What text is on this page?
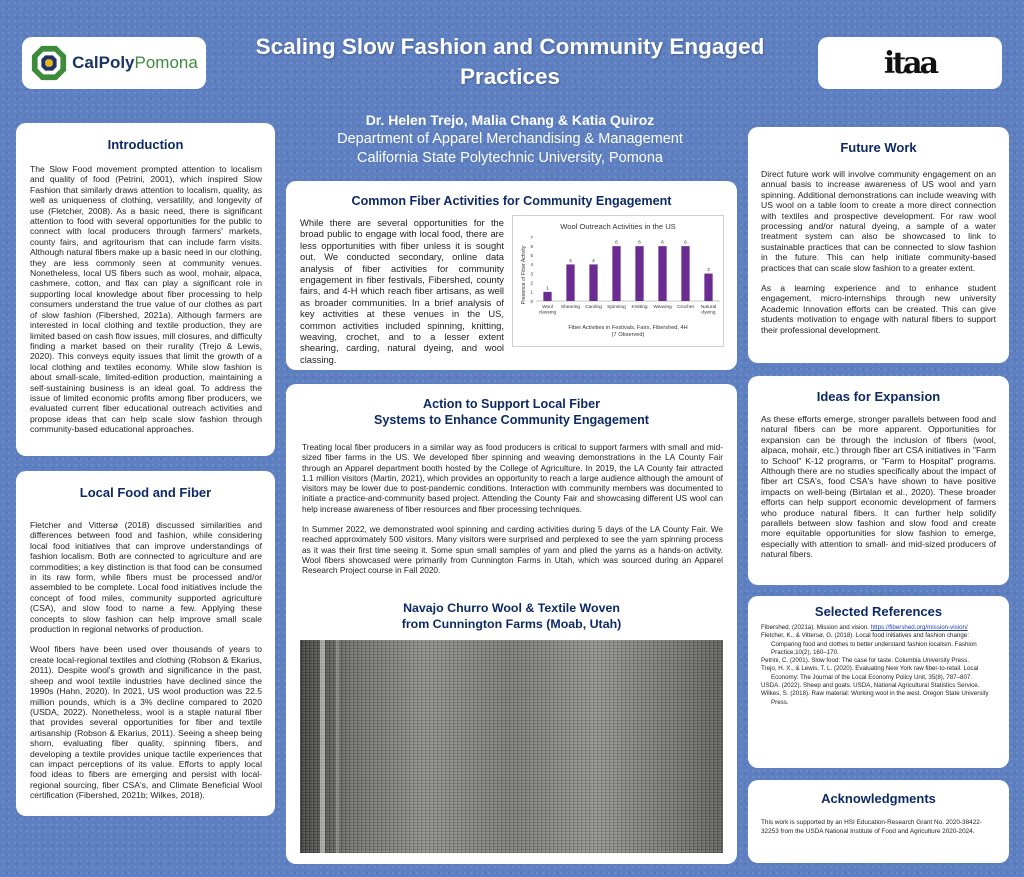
CalPolyPomona	itaa
Scaling Slow Fashion and Community Engaged
Practices
Dr. Helen Trejo, Malia Chang & Katia Quiroz
Department of Apparel Merchandising & Management
California State Polytechnic University, Pomona
Introduction
The Slow Food movement prompted attention to localism and quality of food (Petrini, 2001), which inspired Slow Fashion that similarly draws attention to localism, quality, as well as uniqueness of clothing, versatility, and longevity of use (Fletcher, 2008). As a basic need, there is significant attention to food with several opportunities for the public to connect with local producers through farmers' markets, county fairs, and agritourism that can include farm visits. Although natural fibers make up a basic need in our clothing, they are less commonly seen at community venues. Nonetheless, local US fibers such as wool, mohair, alpaca, cashmere, cotton, and flax can play a significant role in supporting local knowledge about fiber processing to help consumers understand the true value of our clothes as part of slow fashion (Fibershed, 2021a). Although farmers are interested in local clothing and textile production, they are limited based on cash flow issues, mill closures, and difficulty finding a market based on their rurality (Trejo & Lewis, 2020). This conveys equity issues that limit the growth of a local clothing and textiles economy. While slow fashion is about small-scale, limited-edition production, maintaining a self-sustaining business is an ideal goal. To address the issue of limited economic profits among fiber producers, we evaluated current fiber educational outreach activities and propose ideas that can help scale slow fashion through community-based educational approaches.
Local Food and Fiber

Fletcher and Vittersø (2018) discussed similarities and differences between food and fashion, while considering local food initiatives that can improve understandings of fashion localism. Both are connected to agriculture and are commodities; a key distinction is that food can be consumed in its raw form, while fibers must be processed and/or assembled to be complete. Local food initiatives include the concept of food miles, community supported agriculture (CSA), and slow food to name a few. Applying these concepts to slow fashion can help improve small scale production in regional networks of production.

Wool fibers have been used over thousands of years to create local-regional textiles and clothing (Robson & Ekarius, 2011). Despite wool's growth and significance in the past, sheep and wool textile industries have declined since the 1990s (Hahn, 2020). In 2021, US wool production was 22.5 million pounds, which is a 3% decline compared to 2020 (USDA, 2022). Nonetheless, wool is a staple natural fiber that provides several opportunities for fiber and textile artisanship (Robson & Ekarius, 2011). Seeing a sheep being shorn, evaluating fiber quality, spinning fibers, and developing a textile provides unique tactile experiences that can impact perceptions of its value. Efforts to apply local food ideas to fibers are emerging and persist with local-regional sourcing, fiber CSA's, and Climate Beneficial Wool certification (Fibershed, 2021b; Wilkes, 2018).

Common Fiber Activities for Community Engagement
While there are several opportunities for the broad public to engage with local food, there are less opportunities with fiber unless it is sought out. We conducted secondary, online data analysis of fiber activities for community engagement in fiber festivals, Fibershed, county fairs, and 4-H which reach fiber artisans, as well as broader communities. In a brief analysis of key activities at these venues in the US, common activities included spinning, knitting, weaving, crochet, and to a lesser extent shearing, carding, natural dyeing, and wool classing.
Wool Outreach Activities in the US
Presence of Fiber Activity 0
1
2
3
4
5
6
7
1
4	4
6	6	6	6
3
Wool
classing
Shearing Carding Spinning Knitting Weaving Crochet Natural
dyeing
Fiber Activities in Festivals, Fairs, Fibershed, 4H
(7 Observed)
Action to Support Local Fiber
Systems to Enhance Community Engagement

Treating local fiber producers in a similar way as food producers is critical to support farmers with small and mid-sized fiber farms in the US. We developed fiber spinning and weaving demonstrations in the LA County Fair through an Apparel department booth hosted by the College of Agriculture. In 2019, the LA County fair attracted 1.1 million visitors (Martin, 2021), which provides an opportunity to reach a large audience although the amount of visitors may be lower due to post-pandemic conditions. Interaction with community members was documented to initiate a practice-and-community based project. Attending the County Fair and showcasing different US wool can help increase awareness of fiber resources and fiber processing techniques.

In Summer 2022, we demonstrated wool spinning and carding activities during 5 days of the LA County Fair. We reached approximately 500 visitors. Many visitors were surprised and perplexed to see the yarn spinning process as it was their first time seeing it. Some spun small samples of yarn and plied the yarns as a hands-on activity. Wool fibers showcased were primarily from Cunnington Farms in Utah, which was sourced during an Apparel Research Project course in Fall 2020.

Navajo Churro Wool & Textile Woven
from Cunnington Farms (Moab, Utah)
Future Work

Direct future work will involve community engagement on an annual basis to increase awareness of US wool and yarn spinning. Additional demonstrations can include weaving with US wool on a table loom to create a more direct connection with textiles and prospective development. For raw wool processing and/or natural dyeing, a sample of a water treatment system can also be showcased to link to sustainable practices that can be connected to slow fashion in the future. This can help initiate community-based practices that can scale slow fashion to a greater extent.

As a learning experience and to enhance student engagement, micro-internships through new university Academic Innovation efforts can be created. This can give students motivation to engage with natural fibers to support their professional development.

Ideas for Expansion
As these efforts emerge, stronger parallels between food and natural fibers can be more apparent. Opportunities for expansion can be through the inclusion of fibers (wool, alpaca, mohair, etc.) through fiber art CSA initiatives in "Farm to School" K-12 programs, or "Farm to Hospital" programs. Although there are no studies specifically about the impact of fiber art CSA's, food CSA's have shown to have positive impacts on well-being (Birtalan et al., 2020). These broader efforts can help support economic development of farmers who produce natural fibers. It can further help solidify parallels between slow fashion and slow food and create more equitable opportunities for slow fashion to emerge, especially with attention to small- and mid-sized producers of natural fibers.
Selected References
Fibershed. (2021a). Mission and vision. https://fibershed.org/mission-vision/
Fletcher, K., & Vittersø, G. (2018). Local food initiatives and fashion change: Comparing food and clothes to better understand fashion localism. Fashion Practice,10(2), 160–170.
Petrini, C. (2001). Slow food: The case for taste. Columbia University Press.
Trejo, H. X., & Lewis, T. L. (2020). Evaluating New York raw fiber-to-retail. Local Economy: The Journal of the Local Economy Policy Unit, 35(8), 787–807.
USDA. (2022). Sheep and goats. USDA, National Agricultural Statistics Service.
Wilkes, S. (2018). Raw material: Working wool in the west. Oregon State University Press.
Acknowledgments
This work is supported by an HSI Education-Research Grant No. 2020-38422-32253 from the USDA National Institute of Food and Agriculture 2020-2024.
